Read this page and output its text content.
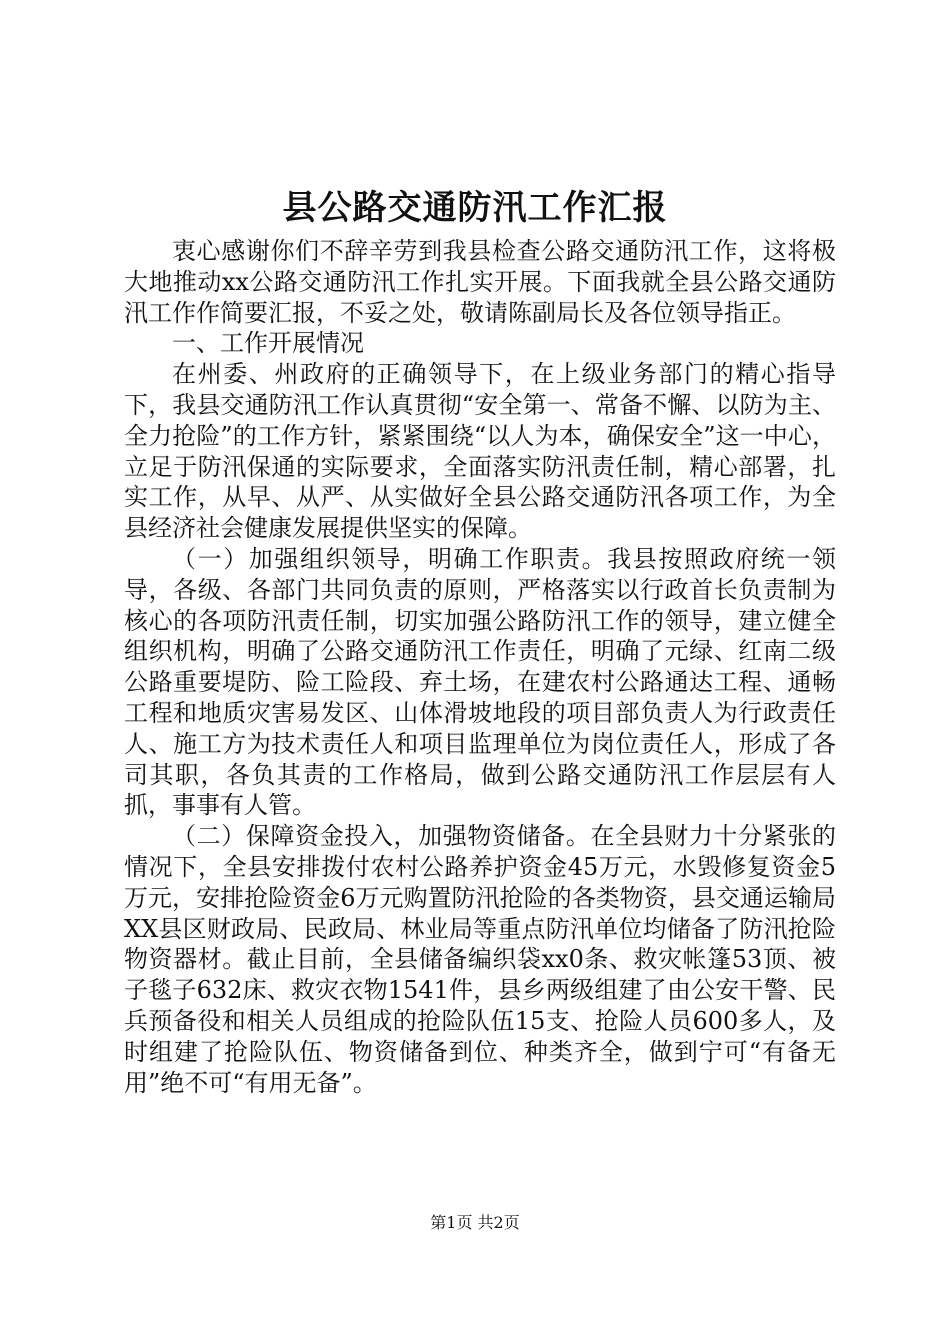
县公路交通防汛工作汇报

衷心感谢你们不辞辛劳到我县检查公路交通防汛工作，这将极大地推动xx公路交通防汛工作扎实开展。下面我就全县公路交通防汛工作作简要汇报，不妥之处，敬请陈副局长及各位领导指正。

一、工作开展情况

在州委、州政府的正确领导下，在上级业务部门的精心指导下，我县交通防汛工作认真贯彻“安全第一、常备不懈、以防为主、全力抢险”的工作方针，紧紧围绕“以人为本，确保安全”这一中心，立足于防汛保通的实际要求，全面落实防汛责任制，精心部署，扎实工作，从早、从严、从实做好全县公路交通防汛各项工作，为全县经济社会健康发展提供坚实的保障。

（一）加强组织领导，明确工作职责。我县按照政府统一领导，各级、各部门共同负责的原则，严格落实以行政首长负责制为核心的各项防汛责任制，切实加强公路防汛工作的领导，建立健全组织机构，明确了公路交通防汛工作责任，明确了元绿、红南二级公路重要堤防、险工险段、弃土场，在建农村公路通达工程、通畅工程和地质灾害易发区、山体滑坡地段的项目部负责人为行政责任人、施工方为技术责任人和项目监理单位为岗位责任人，形成了各司其职，各负其责的工作格局，做到公路交通防汛工作层层有人抓，事事有人管。

（二）保障资金投入，加强物资储备。在全县财力十分紧张的情况下，全县安排拨付农村公路养护资金45万元，水毁修复资金5万元，安排抢险资金6万元购置防汛抢险的各类物资，县交通运输局XX县区财政局、民政局、林业局等重点防汛单位均储备了防汛抢险物资器材。截止目前，全县储备编织袋xx0条、救灾帐篷53顶、被子毯子632床、救灾衣物1541件，县乡两级组建了由公安干警、民兵预备役和相关人员组成的抢险队伍15支、抢险人员600多人，及时组建了抢险队伍、物资储备到位、种类齐全，做到宁可“有备无用”绝不可“有用无备”。

第1页 共2页
